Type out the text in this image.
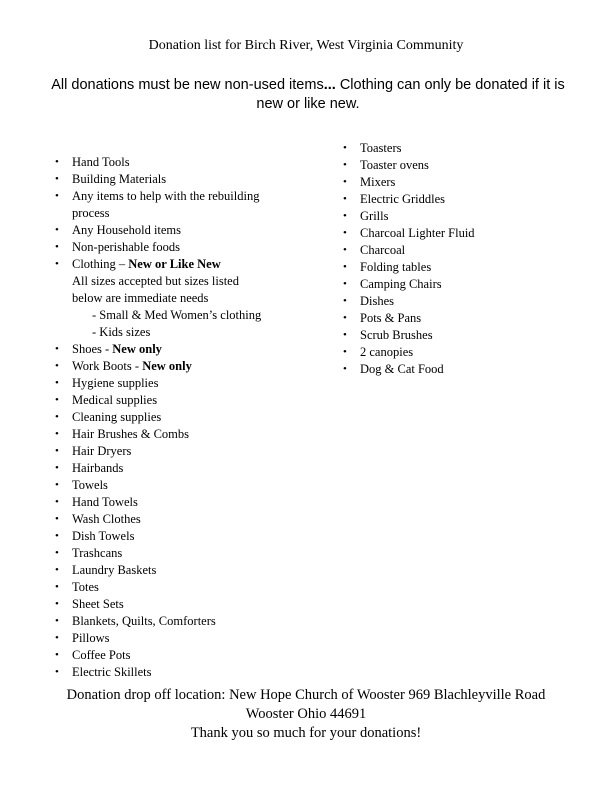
Donation list for Birch River, West Virginia Community
All donations must be new non-used items... Clothing can only be donated if it is new or like new.
• Hand Tools
• Building Materials
• Any items to help with the rebuilding
process
• Any Household items
• Non-perishable foods
• Clothing – New or Like New
All sizes accepted but sizes listed
below are immediate needs
- Small & Med Women’s clothing
- Kids sizes
• Shoes - New only
• Work Boots - New only
• Hygiene supplies
• Medical supplies
• Cleaning supplies
• Hair Brushes & Combs
• Hair Dryers
• Hairbands
• Towels
• Hand Towels
• Wash Clothes
• Dish Towels
• Trashcans
• Laundry Baskets
• Totes
• Sheet Sets
• Blankets, Quilts, Comforters
• Pillows
• Coffee Pots
• Electric Skillets
• Toasters
• Toaster ovens
• Mixers
• Electric Griddles
• Grills
• Charcoal Lighter Fluid
• Charcoal
• Folding tables
• Camping Chairs
• Dishes
• Pots & Pans
• Scrub Brushes
• 2 canopies
• Dog & Cat Food
Donation drop off location: New Hope Church of Wooster 969 Blachleyville Road
Wooster Ohio 44691
Thank you so much for your donations!
